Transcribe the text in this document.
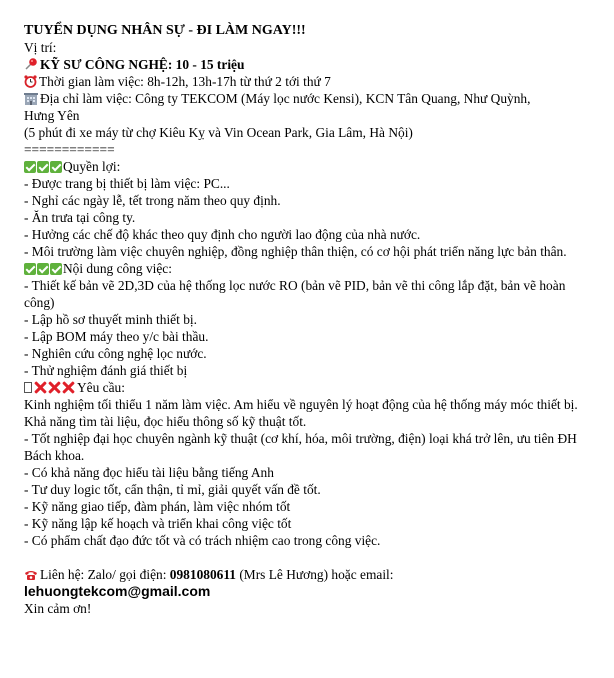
TUYỂN DỤNG NHÂN SỰ - ĐI LÀM NGAY!!!
Vị trí:
KỸ SƯ CÔNG NGHỆ: 10 - 15 triệu
Thời gian làm việc: 8h-12h, 13h-17h từ thứ 2 tới thứ 7
Địa chỉ làm việc: Công ty TEKCOM (Máy lọc nước Kensi), KCN Tân Quang, Như Quỳnh,
Hưng Yên
(5 phút đi xe máy từ chợ Kiêu Kỵ và Vin Ocean Park, Gia Lâm, Hà Nội)
============
Quyền lợi:
- Được trang bị thiết bị làm việc: PC...
- Nghỉ các ngày lễ, tết trong năm theo quy định.
- Ăn trưa tại công ty.
- Hưởng các chế độ khác theo quy định cho người lao động của nhà nước.
- Môi trường làm việc chuyên nghiệp, đồng nghiệp thân thiện, có cơ hội phát triển năng lực bản thân.
Nội dung công việc:
- Thiết kế bản vẽ 2D,3D của hệ thống lọc nước RO (bản vẽ PID, bản vẽ thi công lắp đặt, bản vẽ hoàn công)
- Lập hồ sơ thuyết minh thiết bị.
- Lập BOM máy theo y/c bài thầu.
- Nghiên cứu công nghệ lọc nước.
- Thử nghiệm đánh giá thiết bị
Yêu cầu:
Kinh nghiệm tối thiểu 1 năm làm việc. Am hiểu về nguyên lý hoạt động của hệ thống máy móc thiết bị. Khả năng tìm tài liệu, đọc hiểu thông số kỹ thuật tốt.
- Tốt nghiệp đại học chuyên ngành kỹ thuật (cơ khí, hóa, môi trường, điện) loại khá trở lên, ưu tiên ĐH Bách khoa.
- Có khả năng đọc hiểu tài liệu bằng tiếng Anh
- Tư duy logic tốt, cẩn thận, tỉ mỉ, giải quyết vấn đề tốt.
- Kỹ năng giao tiếp, đàm phán, làm việc nhóm tốt
- Kỹ năng lập kế hoạch và triển khai công việc tốt
- Có phẩm chất đạo đức tốt và có trách nhiệm cao trong công việc.
Liên hệ: Zalo/ gọi điện: 0981080611 (Mrs Lê Hương) hoặc email:
lehuongtekcom@gmail.com
Xin cảm ơn!
